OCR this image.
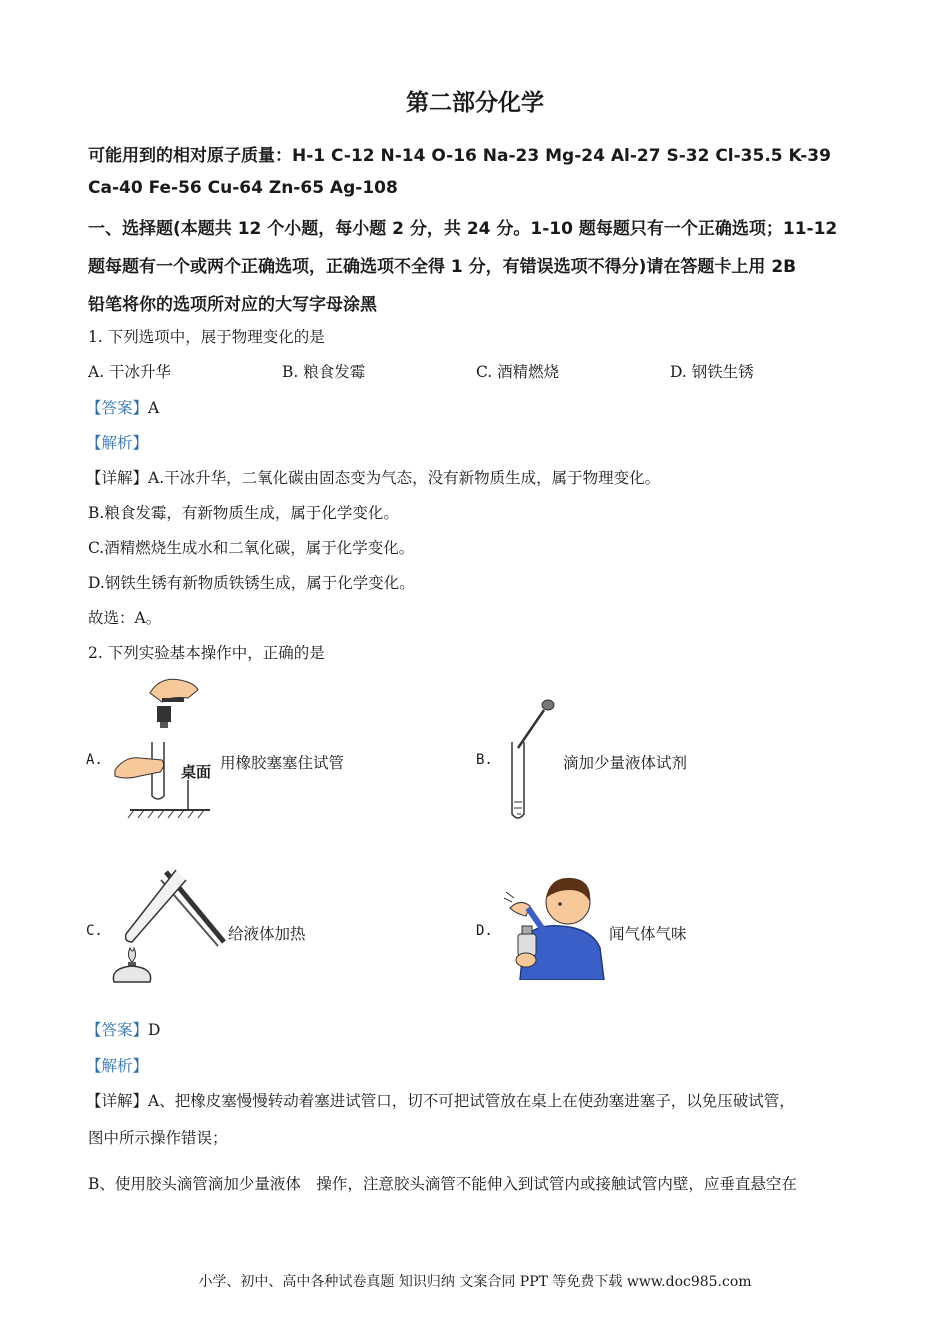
第二部分化学
可能用到的相对原子质量：H-1 C-12 N-14 O-16 Na-23 Mg-24 Al-27 S-32 Cl-35.5 K-39
Ca-40 Fe-56 Cu-64 Zn-65 Ag-108
一、选择题(本题共 12 个小题，每小题 2 分，共 24 分。1-10 题每题只有一个正确选项；11-12
题每题有一个或两个正确选项，正确选项不全得 1 分，有错误选项不得分)请在答题卡上用 2B
铅笔将你的选项所对应的大写字母涂黑
1. 下列选项中，展于物理变化的是
A. 干冰升华	B. 粮食发霉	C. 酒精燃烧	D. 钢铁生锈
【答案】A
【解析】
【详解】A.干冰升华，二氧化碳由固态变为气态，没有新物质生成，属于物理变化。
B.粮食发霉，有新物质生成，属于化学变化。
C.酒精燃烧生成水和二氧化碳，属于化学变化。
D.钢铁生锈有新物质铁锈生成，属于化学变化。
故选：A。
2. 下列实验基本操作中，正确的是
A.
桌面 用橡胶塞塞住试管	B.	滴加少量液体试剂
C.	给液体加热	D.	闻气体气味
【答案】D
【解析】
【详解】A、把橡皮塞慢慢转动着塞进试管口，切不可把试管放在桌上在使劲塞进塞子，以免压破试管，
图中所示操作错误；
B、使用胶头滴管滴加少量液体　操作，注意胶头滴管不能伸入到试管内或接触试管内壁，应垂直悬空在
小学、初中、高中各种试卷真题 知识归纳 文案合同 PPT 等免费下载 www.doc985.com
